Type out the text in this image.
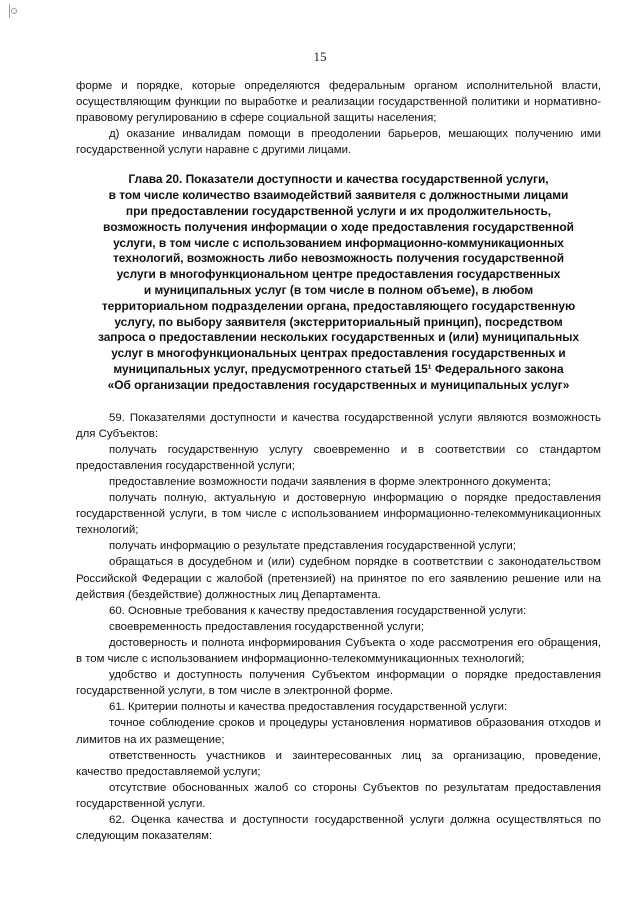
15

форме и порядке, которые определяются федеральным органом исполнительной власти, осуществляющим функции по выработке и реализации государственной политики и нормативно-правовому регулированию в сфере социальной защиты населения;

д) оказание инвалидам помощи в преодолении барьеров, мешающих получению ими государственной услуги наравне с другими лицами.

Глава 20. Показатели доступности и качества государственной услуги,
в том числе количество взаимодействий заявителя с должностными лицами
при предоставлении государственной услуги и их продолжительность,
возможность получения информации о ходе предоставления государственной
услуги, в том числе с использованием информационно-коммуникационных
технологий, возможность либо невозможность получения государственной
услуги в многофункциональном центре предоставления государственных
и муниципальных услуг (в том числе в полном объеме), в любом
территориальном подразделении органа, предоставляющего государственную
услугу, по выбору заявителя (экстерриториальный принцип), посредством
запроса о предоставлении нескольких государственных и (или) муниципальных
услуг в многофункциональных центрах предоставления государственных и
муниципальных услуг, предусмотренного статьей 15¹ Федерального закона
«Об организации предоставления государственных и муниципальных услуг»

59. Показателями доступности и качества государственной услуги являются возможность для Субъектов:

получать государственную услугу своевременно и в соответствии со стандартом предоставления государственной услуги;

предоставление возможности подачи заявления в форме электронного документа;

получать полную, актуальную и достоверную информацию о порядке предоставления государственной услуги, в том числе с использованием информационно-телекоммуникационных технологий;

получать информацию о результате представления государственной услуги;

обращаться в досудебном и (или) судебном порядке в соответствии с законодательством Российской Федерации с жалобой (претензией) на принятое по его заявлению решение или на действия (бездействие) должностных лиц Департамента.

60. Основные требования к качеству предоставления государственной услуги:

своевременность предоставления государственной услуги;

достоверность и полнота информирования Субъекта о ходе рассмотрения его обращения, в том числе с использованием информационно-телекоммуникационных технологий;

удобство и доступность получения Субъектом информации о порядке предоставления государственной услуги, в том числе в электронной форме.

61. Критерии полноты и качества предоставления государственной услуги:

точное соблюдение сроков и процедуры установления нормативов образования отходов и лимитов на их размещение;

ответственность участников и заинтересованных лиц за организацию, проведение, качество предоставляемой услуги;

отсутствие обоснованных жалоб со стороны Субъектов по результатам предоставления государственной услуги.

62. Оценка качества и доступности государственной услуги должна осуществляться по следующим показателям:
